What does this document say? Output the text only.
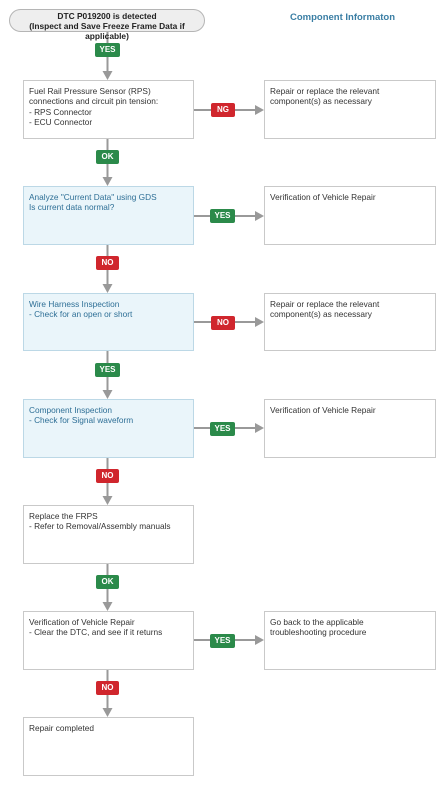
DTC P019200 is detected
(Inspect and Save Freeze Frame Data if applicable)
Component Informaton
Fuel Rail Pressure Sensor (RPS)
connections and circuit pin tension:
- RPS Connector
- ECU Connector
Analyze "Current Data" using GDS
Is current data normal?
Wire Harness Inspection
- Check for an open or short
Component Inspection
- Check for Signal waveform
Replace the FRPS
- Refer to Removal/Assembly manuals
Verification of Vehicle Repair
- Clear the DTC, and see if it returns
Repair completed
Repair or replace the relevant
component(s) as necessary
Verification of Vehicle Repair
Repair or replace the relevant
component(s) as necessary
Verification of Vehicle Repair
Go back to the applicable
troubleshooting procedure
YES
OK
NO
YES
NO
OK
NO
NG
YES
NO
YES
YES
